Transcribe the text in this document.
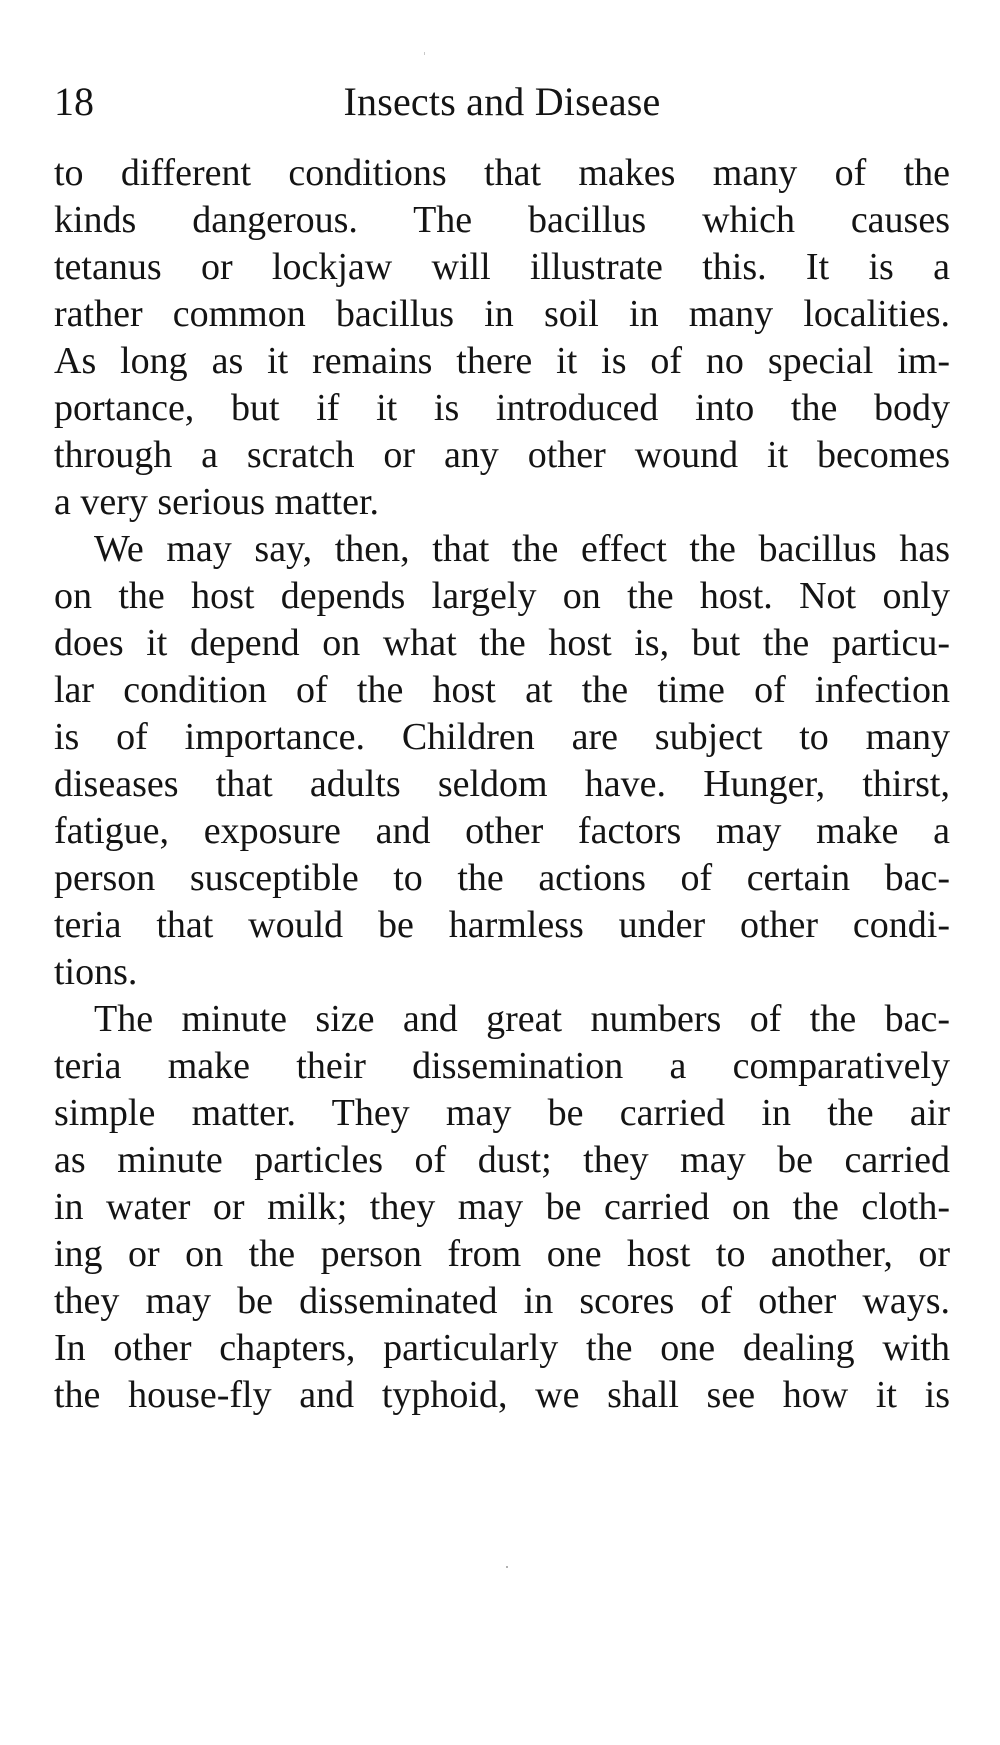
18	Insects and Disease
to different conditions that makes many of the
kinds dangerous. The bacillus which causes
tetanus or lockjaw will illustrate this. It is a
rather common bacillus in soil in many localities.
As long as it remains there it is of no special im-
portance, but if it is introduced into the body
through a scratch or any other wound it becomes
a very serious matter.
We may say, then, that the effect the bacillus has
on the host depends largely on the host. Not only
does it depend on what the host is, but the particu-
lar condition of the host at the time of infection
is of importance. Children are subject to many
diseases that adults seldom have. Hunger, thirst,
fatigue, exposure and other factors may make a
person susceptible to the actions of certain bac-
teria that would be harmless under other condi-
tions.
The minute size and great numbers of the bac-
teria make their dissemination a comparatively
simple matter. They may be carried in the air
as minute particles of dust; they may be carried
in water or milk; they may be carried on the cloth-
ing or on the person from one host to another, or
they may be disseminated in scores of other ways.
In other chapters, particularly the one dealing with
the house-fly and typhoid, we shall see how it is
